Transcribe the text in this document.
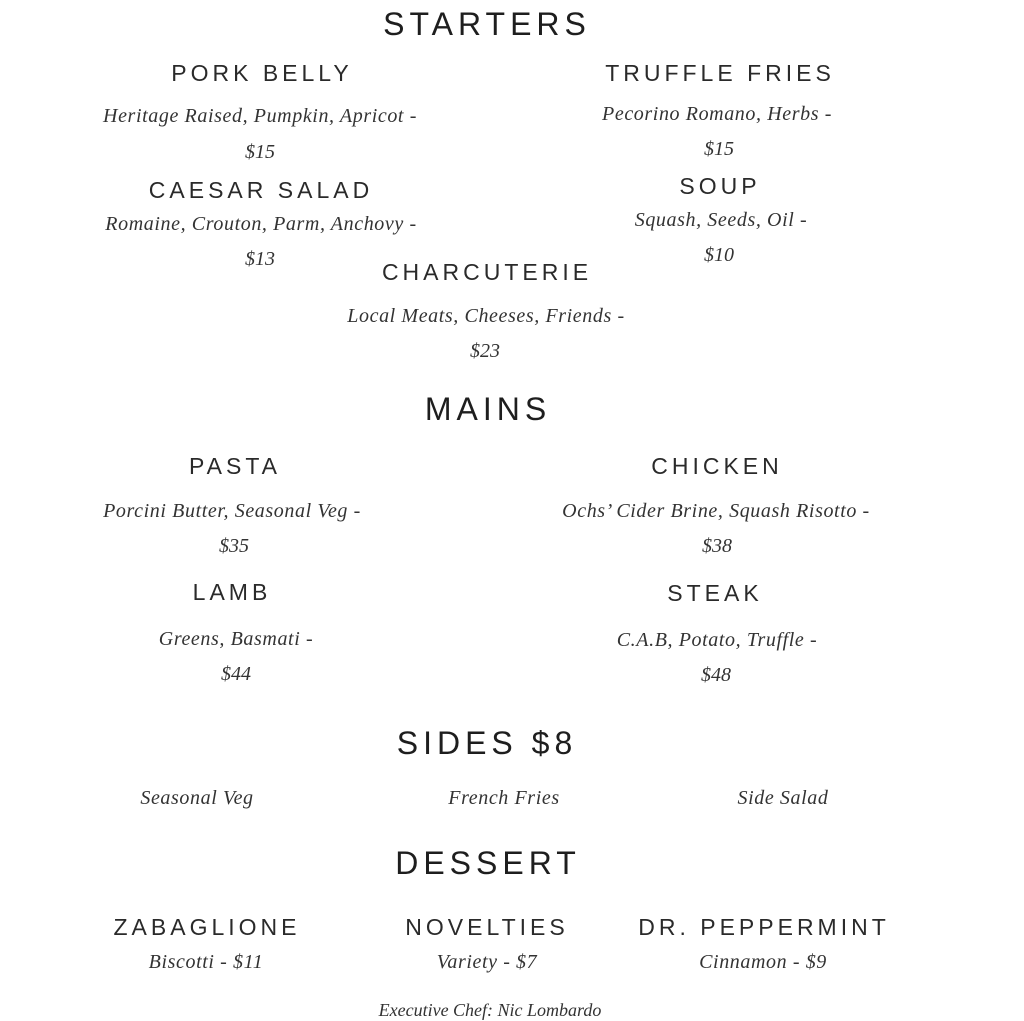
STARTERS
PORK BELLY
Heritage Raised, Pumpkin, Apricot -
$15
TRUFFLE FRIES
Pecorino Romano, Herbs -
$15
CAESAR SALAD
Romaine, Crouton, Parm, Anchovy -
$13
SOUP
Squash, Seeds, Oil -
$10
CHARCUTERIE
Local Meats, Cheeses, Friends -
$23
MAINS
PASTA
Porcini Butter, Seasonal Veg -
$35
CHICKEN
Ochs’ Cider Brine, Squash Risotto -
$38
LAMB
Greens, Basmati -
$44
STEAK
C.A.B, Potato, Truffle -
$48
SIDES $8
Seasonal Veg	French Fries	Side Salad
DESSERT
ZABAGLIONE
Biscotti - $11
NOVELTIES
Variety - $7
DR. PEPPERMINT
Cinnamon - $9
Executive Chef: Nic Lombardo
